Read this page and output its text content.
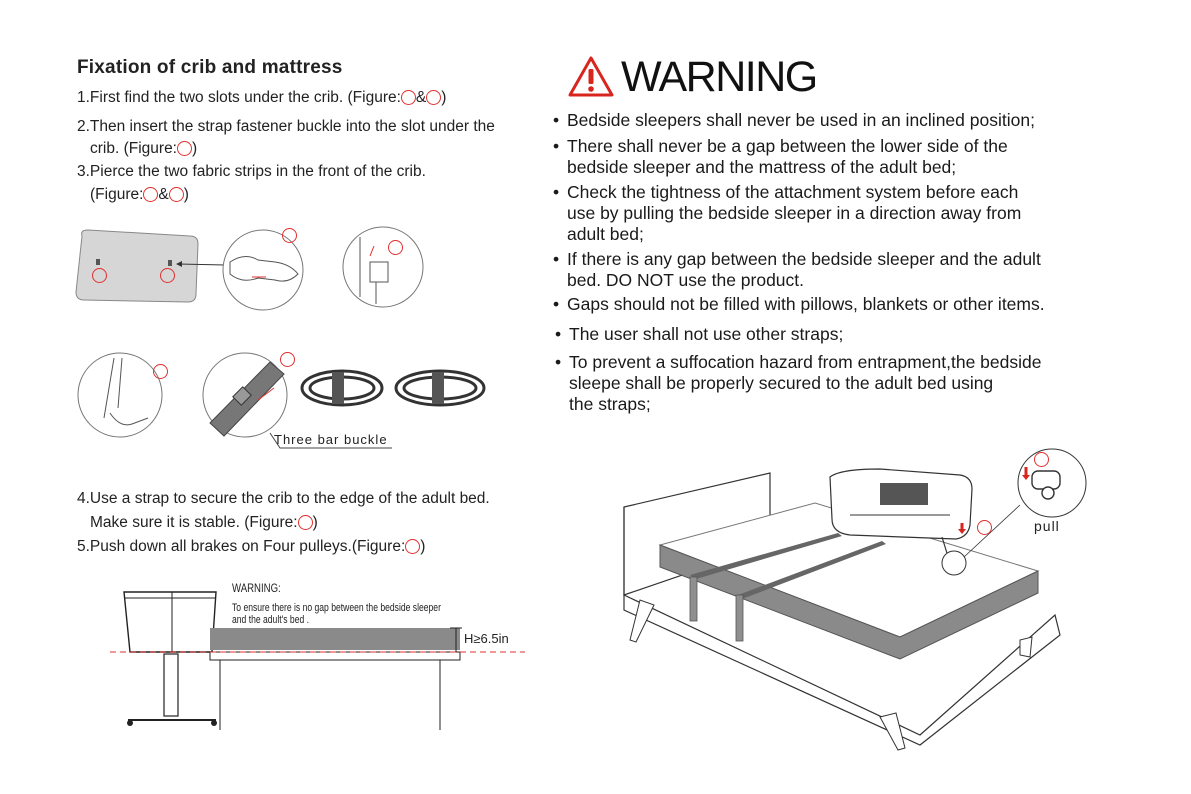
Fixation of crib and mattress
1.First find the two slots under the crib. (Figure: & )
2.Then insert the strap fastener buckle into the slot under the
crib. (Figure: )
3.Pierce the two fabric strips in the front of the crib.
(Figure: & )
Three bar buckle
4.Use a strap to secure the crib to the edge of the adult bed.
Make sure it is stable. (Figure: )
5.Push down all brakes on Four pulleys.(Figure: )
WARNING:
To ensure there is no gap between the bedside sleeper
and the adult's bed .
H≥6.5in
WARNING
• Bedside sleepers shall never be used in an inclined position;
• There shall never be a gap between the lower side of the
bedside sleeper and the mattress of the adult bed;
• Check the tightness of the attachment system before each
use by pulling the bedside sleeper in a direction away from
adult bed;
• If there is any gap between the bedside sleeper and the adult
bed. DO NOT use the product.
• Gaps should not be filled with pillows, blankets or other items.
• The user shall not use other straps;
• To prevent a suffocation hazard from entrapment,the bedside
sleepe shall be properly secured to the adult bed using
the straps;
pull
